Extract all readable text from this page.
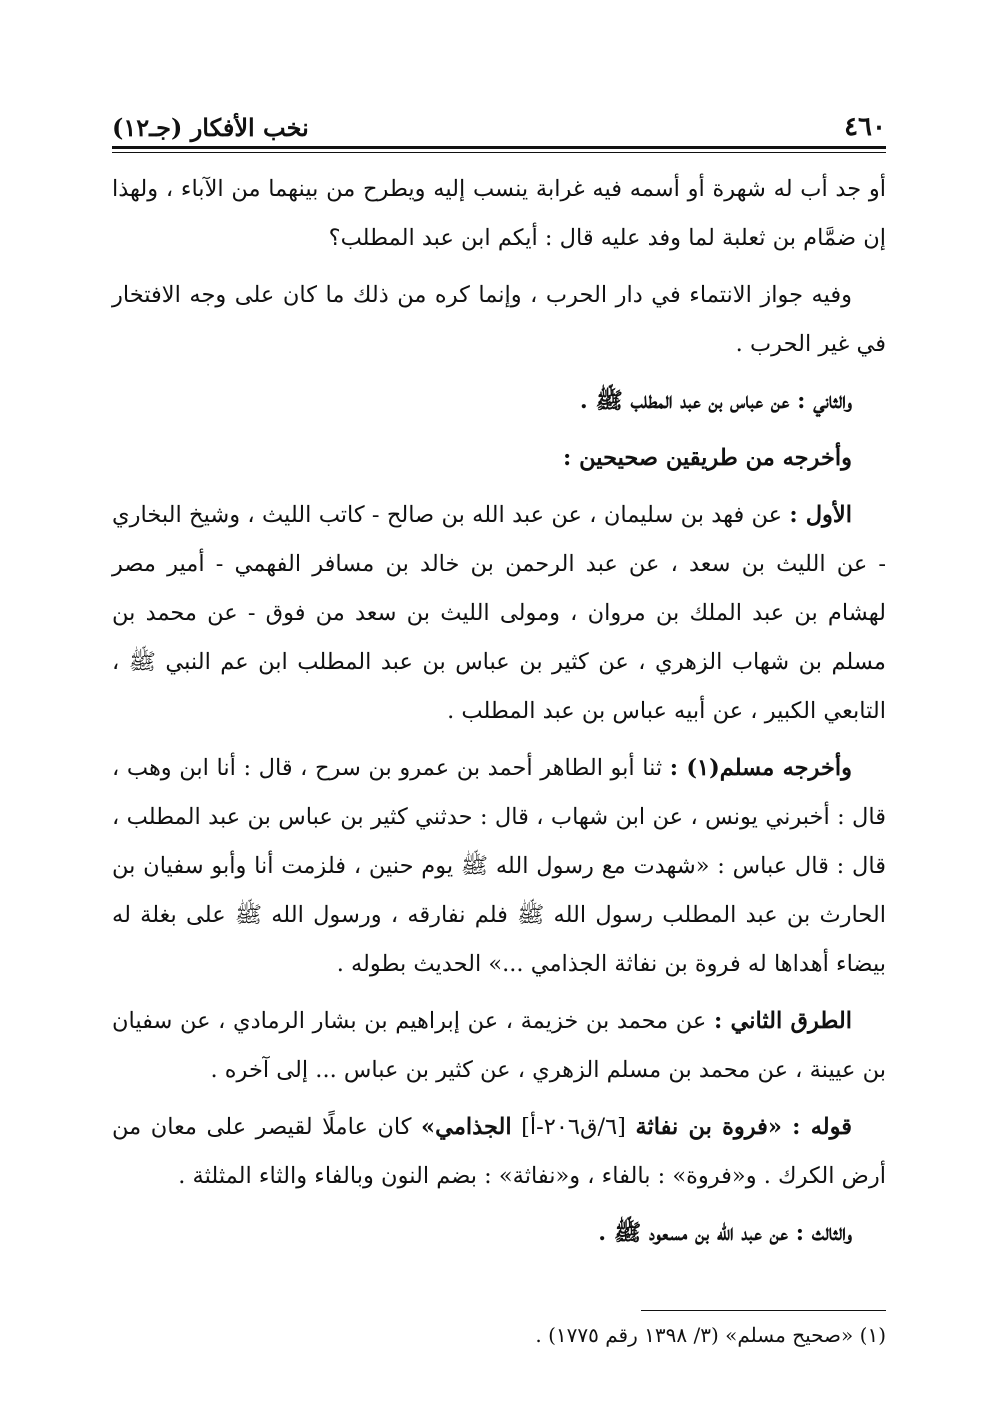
٤٦٠
نخب الأفكار (جـ١٢)

أو جد أب له شهرة أو أسمه فيه غرابة ينسب إليه ويطرح من بينهما من الآباء ، ولهذا إن ضمَّام بن ثعلبة لما وفد عليه قال : أيكم ابن عبد المطلب؟

وفيه جواز الانتماء في دار الحرب ، وإنما كره من ذلك ما كان على وجه الافتخار في غير الحرب .

والثاني : عن عباس بن عبد المطلب ﷺ .

وأخرجه من طريقين صحيحين :

الأول : عن فهد بن سليمان ، عن عبد الله بن صالح - كاتب الليث ، وشيخ البخاري - عن الليث بن سعد ، عن عبد الرحمن بن خالد بن مسافر الفهمي - أمير مصر لهشام بن عبد الملك بن مروان ، ومولى الليث بن سعد من فوق - عن محمد بن مسلم بن شهاب الزهري ، عن كثير بن عباس بن عبد المطلب ابن عم النبي ﷺ ، التابعي الكبير ، عن أبيه عباس بن عبد المطلب .

وأخرجه مسلم(١) : ثنا أبو الطاهر أحمد بن عمرو بن سرح ، قال : أنا ابن وهب ، قال : أخبرني يونس ، عن ابن شهاب ، قال : حدثني كثير بن عباس بن عبد المطلب ، قال : قال عباس : «شهدت مع رسول الله ﷺ يوم حنين ، فلزمت أنا وأبو سفيان بن الحارث بن عبد المطلب رسول الله ﷺ فلم نفارقه ، ورسول الله ﷺ على بغلة له بيضاء أهداها له فروة بن نفاثة الجذامي ...» الحديث بطوله .

الطرق الثاني : عن محمد بن خزيمة ، عن إبراهيم بن بشار الرمادي ، عن سفيان بن عيينة ، عن محمد بن مسلم الزهري ، عن كثير بن عباس ... إلى آخره .

قوله : «فروة بن نفاثة [٦/ق٢٠٦-أ] الجذامي» كان عاملًا لقيصر على معان من أرض الكرك . و«فروة» : بالفاء ، و«نفاثة» : بضم النون وبالفاء والثاء المثلثة .

والثالث : عن عبد الله بن مسعود ﷺ .

(١) «صحيح مسلم» (٣/ ١٣٩٨ رقم ١٧٧٥) .
